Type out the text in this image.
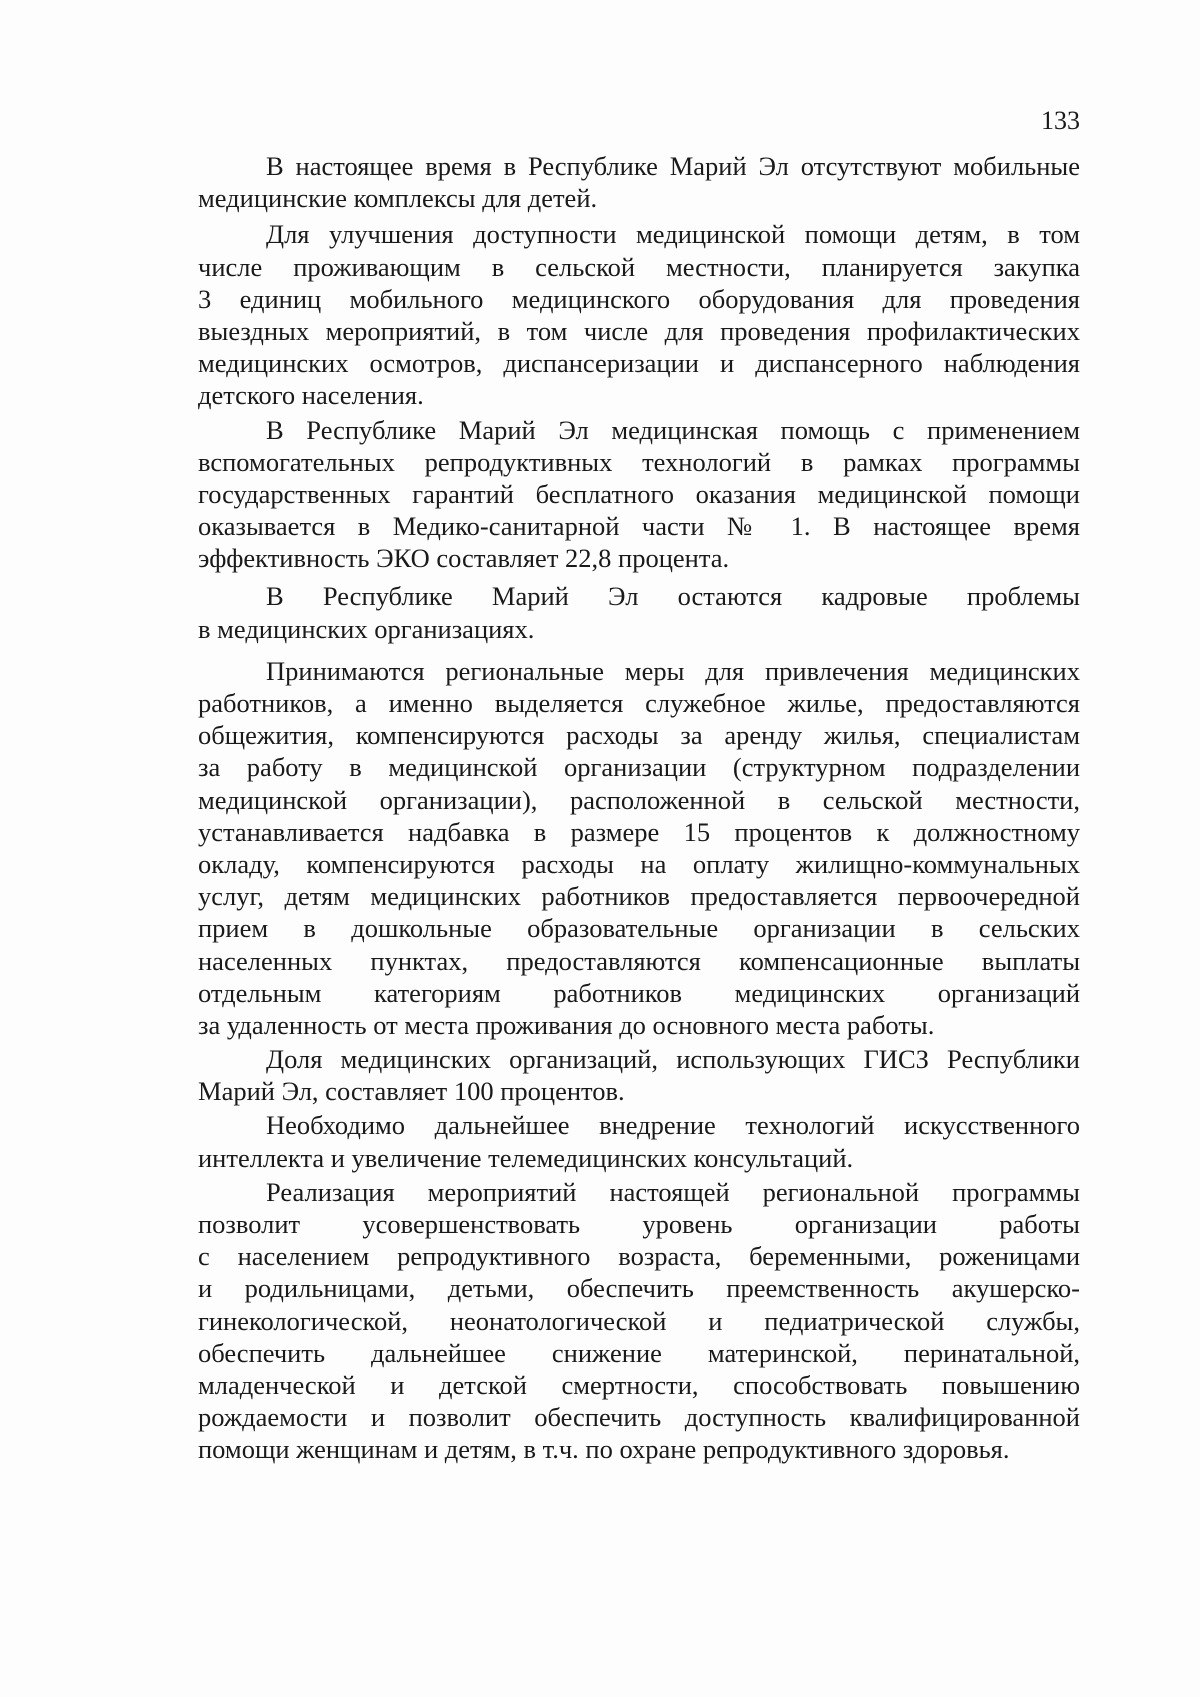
133
В настоящее время в Республике Марий Эл отсутствуют мобильные
медицинские комплексы для детей.
Для улучшения доступности медицинской помощи детям, в том
числе проживающим в сельской местности, планируется закупка
3 единиц мобильного медицинского оборудования для проведения
выездных мероприятий, в том числе для проведения профилактических
медицинских осмотров, диспансеризации и диспансерного наблюдения
детского населения.
В Республике Марий Эл медицинская помощь с применением
вспомогательных репродуктивных технологий в рамках программы
государственных гарантий бесплатного оказания медицинской помощи
оказывается в Медико-санитарной части № 1. В настоящее время
эффективность ЭКО составляет 22,8 процента.
В Республике Марий Эл остаются кадровые проблемы
в медицинских организациях.
Принимаются региональные меры для привлечения медицинских
работников, а именно выделяется служебное жилье, предоставляются
общежития, компенсируются расходы за аренду жилья, специалистам
за работу в медицинской организации (структурном подразделении
медицинской организации), расположенной в сельской местности,
устанавливается надбавка в размере 15 процентов к должностному
окладу, компенсируются расходы на оплату жилищно-коммунальных
услуг, детям медицинских работников предоставляется первоочередной
прием в дошкольные образовательные организации в сельских
населенных пунктах, предоставляются компенсационные выплаты
отдельным категориям работников медицинских организаций
за удаленность от места проживания до основного места работы.
Доля медицинских организаций, использующих ГИСЗ Республики
Марий Эл, составляет 100 процентов.
Необходимо дальнейшее внедрение технологий искусственного
интеллекта и увеличение телемедицинских консультаций.
Реализация мероприятий настоящей региональной программы
позволит усовершенствовать уровень организации работы
с населением репродуктивного возраста, беременными, роженицами
и родильницами, детьми, обеспечить преемственность акушерско-
гинекологической, неонатологической и педиатрической службы,
обеспечить дальнейшее снижение материнской, перинатальной,
младенческой и детской смертности, способствовать повышению
рождаемости и позволит обеспечить доступность квалифицированной
помощи женщинам и детям, в т.ч. по охране репродуктивного здоровья.
